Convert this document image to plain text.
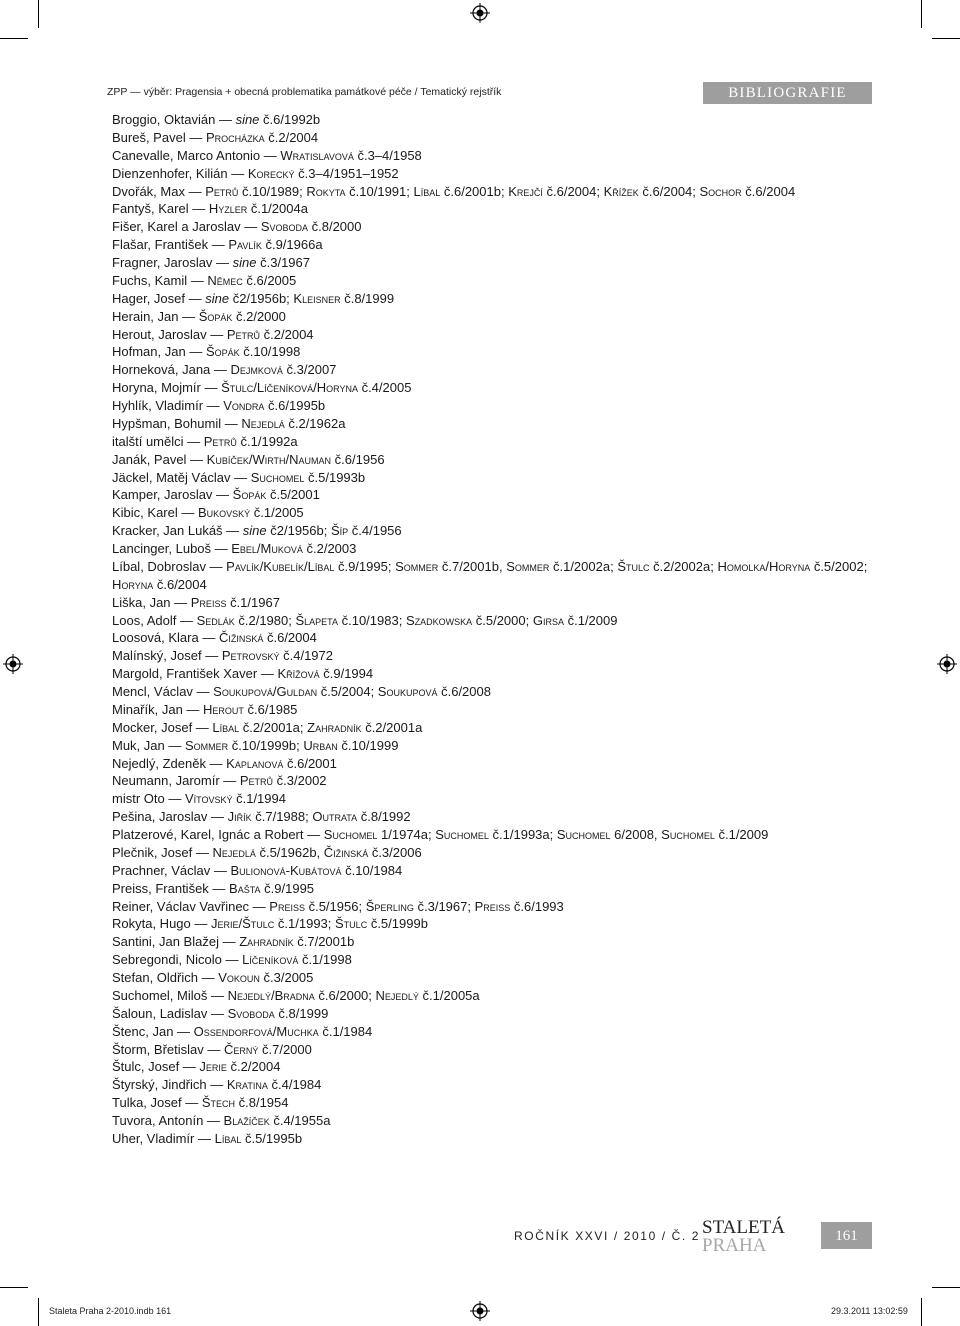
ZPP — výběr: Pragensia + obecná problematika památkové péče / Tematický rejstřík	BIBLIOGRAFIE
Broggio, Oktavián — sine č.6/1992b
Bureš, Pavel — Procházka č.2/2004
Canevalle, Marco Antonio — Wratislavová č.3–4/1958
Dienzenhofer, Kilián — Korecký č.3–4/1951–1952
Dvořák, Max — Petrů č.10/1989; Rokyta č.10/1991; Líbal č.6/2001b; Krejčí č.6/2004; Křížek č.6/2004; Sochor č.6/2004
Fantyš, Karel — Hyzler č.1/2004a
Fišer, Karel a Jaroslav — Svoboda č.8/2000
Flašar, František — Pavlík č.9/1966a
Fragner, Jaroslav — sine č.3/1967
Fuchs, Kamil — Němec č.6/2005
Hager, Josef — sine č2/1956b; Kleisner č.8/1999
Herain, Jan — Šopák č.2/2000
Herout, Jaroslav — Petrů č.2/2004
Hofman, Jan — Šopák č.10/1998
Horneková, Jana — Dejmková č.3/2007
Horyna, Mojmír — Štulc/Líčeníková/Horyna č.4/2005
Hyhlík, Vladimír — Vondra č.6/1995b
Hypšman, Bohumil — Nejedlá č.2/1962a
italští umělci — Petrů č.1/1992a
Janák, Pavel — Kubíček/Wirth/Nauman č.6/1956
Jäckel, Matěj Václav — Suchomel č.5/1993b
Kamper, Jaroslav — Šopák č.5/2001
Kibic, Karel — Bukovský č.1/2005
Kracker, Jan Lukáš — sine č2/1956b; Šíp č.4/1956
Lancinger, Luboš — Ebel/Muková č.2/2003
Líbal, Dobroslav — Pavlík/Kubelík/Líbal č.9/1995; Sommer č.7/2001b, Sommer č.1/2002a; Štulc č.2/2002a; Homolka/Horyna č.5/2002; Horyna č.6/2004
Liška, Jan — Preiss č.1/1967
Loos, Adolf — Sedlák č.2/1980; Šlapeta č.10/1983; Szadkowska č.5/2000; Girsa č.1/2009
Loosová, Klara — Čižinská č.6/2004
Malínský, Josef — Petrovský č.4/1972
Margold, František Xaver — Křížová č.9/1994
Mencl, Václav — Soukupová/Guldan č.5/2004; Soukupová č.6/2008
Minařík, Jan — Herout č.6/1985
Mocker, Josef — Líbal č.2/2001a; Zahradník č.2/2001a
Muk, Jan — Sommer č.10/1999b; Urban č.10/1999
Nejedlý, Zdeněk — Kaplanová č.6/2001
Neumann, Jaromír — Petrů č.3/2002
mistr Oto — Vítovský č.1/1994
Pešina, Jaroslav — Jiřík č.7/1988; Outrata č.8/1992
Platzerové, Karel, Ignác a Robert — Suchomel 1/1974a; Suchomel č.1/1993a; Suchomel 6/2008, Suchomel č.1/2009
Plečnik, Josef — Nejedlá č.5/1962b, Čižinská č.3/2006
Prachner, Václav — Bulionová-Kubátová č.10/1984
Preiss, František — Bašta č.9/1995
Reiner, Václav Vavřinec — Preiss č.5/1956; Šperling č.3/1967; Preiss č.6/1993
Rokyta, Hugo — Jerie/Štulc č.1/1993; Štulc č.5/1999b
Santini, Jan Blažej — Zahradník č.7/2001b
Sebregondi, Nicolo — Líčeníková č.1/1998
Stefan, Oldřich — Vokoun č.3/2005
Suchomel, Miloš — Nejedlý/Bradna č.6/2000; Nejedlý č.1/2005a
Šaloun, Ladislav — Svoboda č.8/1999
Štenc, Jan — Ossendorfová/Muchka č.1/1984
Štorm, Břetislav — Černý č.7/2000
Štulc, Josef — Jerie č.2/2004
Štyrský, Jindřich — Kratina č.4/1984
Tulka, Josef — Štech č.8/1954
Tuvora, Antonín — Blažíček č.4/1955a
Uher, Vladimír — Líbal č.5/1995b
ROČNÍK XXVI / 2010 / Č. 2 STALETÁ
PRAHA	161
Staleta Praha 2-2010.indb 161	29.3.2011 13:02:59
